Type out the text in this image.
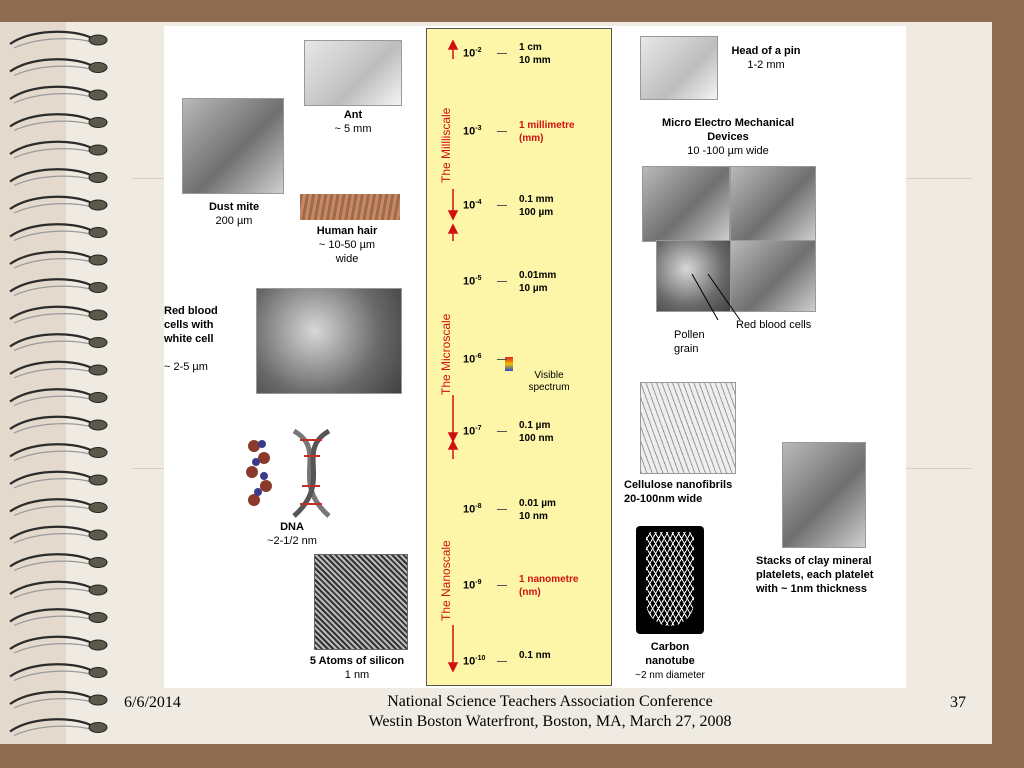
Ant
~ 5 mm
Dust mite
200 µm
Human hair
~ 10-50 µm
wide
Red blood
cells with
white cell

~ 2-5 µm
DNA
~2-1/2 nm
5 Atoms of silicon
1 nm
The Millliscale
The Microscale
The Nanoscale
Visible
spectrum
$10^{-2}$	1 cm
10 mm
$10^{-3}$	1 millimetre
(mm)
$10^{-4}$	0.1 mm
100 µm
$10^{-5}$	0.01mm
10 µm
$10^{-6}$
$10^{-7}$	0.1 µm
100 nm
$10^{-8}$	0.01 µm
10 nm
$10^{-9}$	1 nanometre
(nm)
$10^{-10}$	0.1 nm

Head of a pin
1-2 mm
Micro Electro Mechanical
Devices
10 -100 µm wide
Pollen
grain
Red blood cells
Cellulose nanofibrils
20-100nm wide
Stacks of clay mineral
platelets, each platelet
with ~ 1nm thickness
Carbon
nanotube
~2 nm diameter
6/6/2014	National Science Teachers Association Conference
Westin Boston Waterfront, Boston, MA, March 27, 2008
37
